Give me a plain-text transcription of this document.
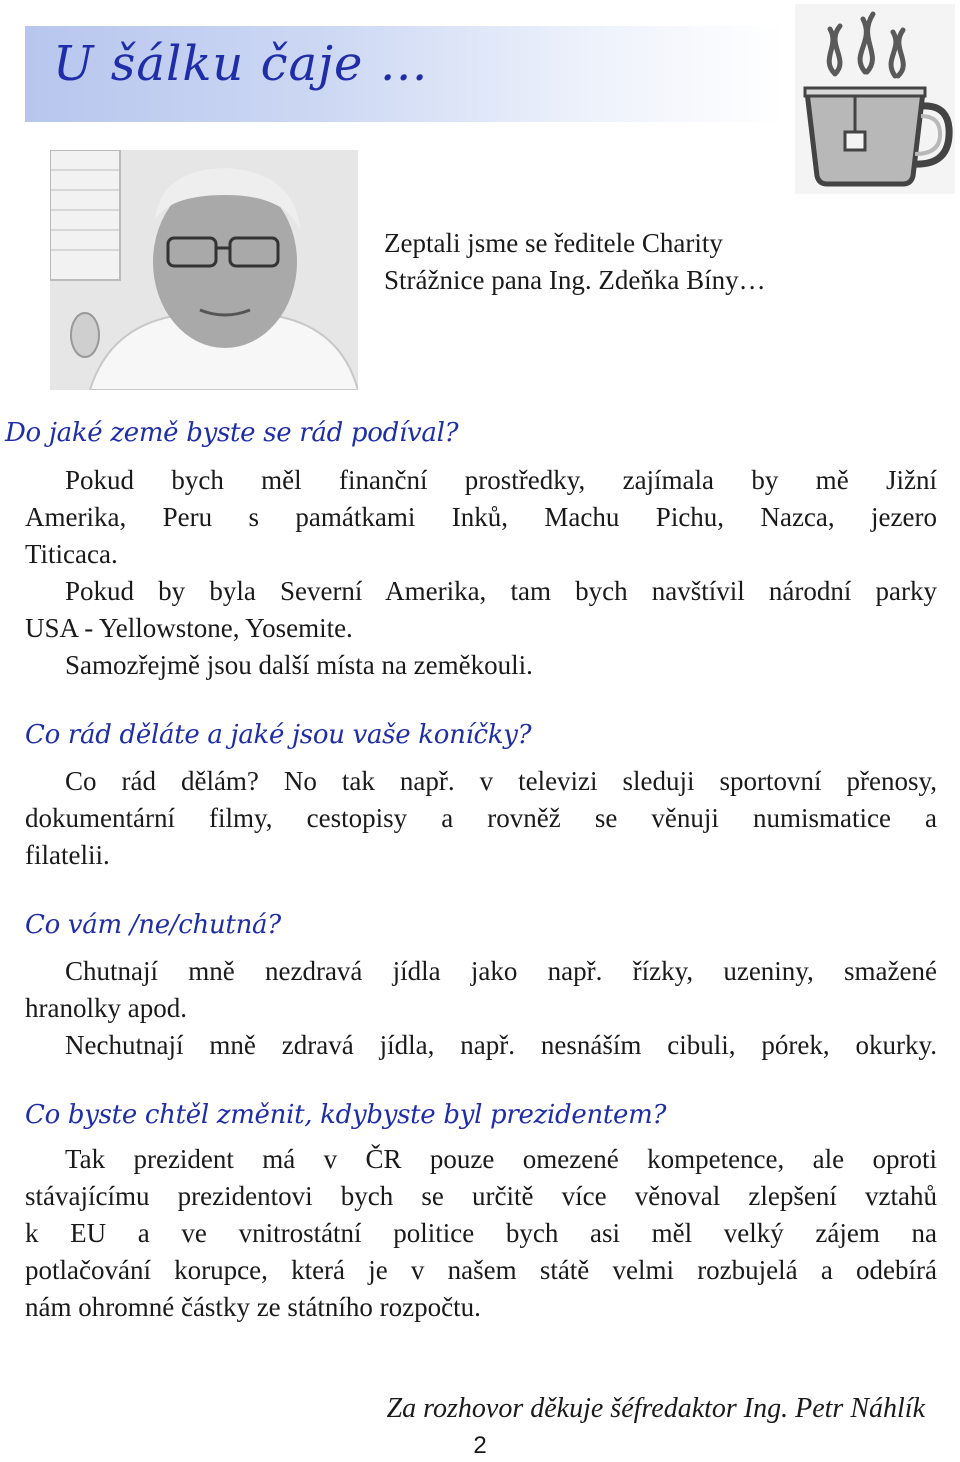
U šálku čaje …
Zeptali jsme se ředitele Charity
Strážnice pana Ing. Zdeňka Bíny…
Do jaké země byste se rád podíval?
Pokud bych měl finanční prostředky, zajímala by mě Jižní
Amerika, Peru s památkami Inků, Machu Pichu, Nazca, jezero
Titicaca.
Pokud by byla Severní Amerika, tam bych navštívil národní parky
USA - Yellowstone, Yosemite.
Samozřejmě jsou další místa na zeměkouli.
Co rád děláte a jaké jsou vaše koníčky?
Co rád dělám? No tak např. v televizi sleduji sportovní přenosy,
dokumentární filmy, cestopisy a rovněž se věnuji numismatice a
filatelii.
Co vám /ne/chutná?
Chutnají mně nezdravá jídla jako např. řízky, uzeniny, smažené
hranolky apod.
Nechutnají mně zdravá jídla, např. nesnáším cibuli, pórek, okurky.
Co byste chtěl změnit, kdybyste byl prezidentem?
Tak prezident má v ČR pouze omezené kompetence, ale oproti
stávajícímu prezidentovi bych se určitě více věnoval zlepšení vztahů
k EU a ve vnitrostátní politice bych asi měl velký zájem na
potlačování korupce, která je v našem státě velmi rozbujelá a odebírá
nám ohromné částky ze státního rozpočtu.
Za rozhovor děkuje šéfredaktor Ing. Petr Náhlík
2
